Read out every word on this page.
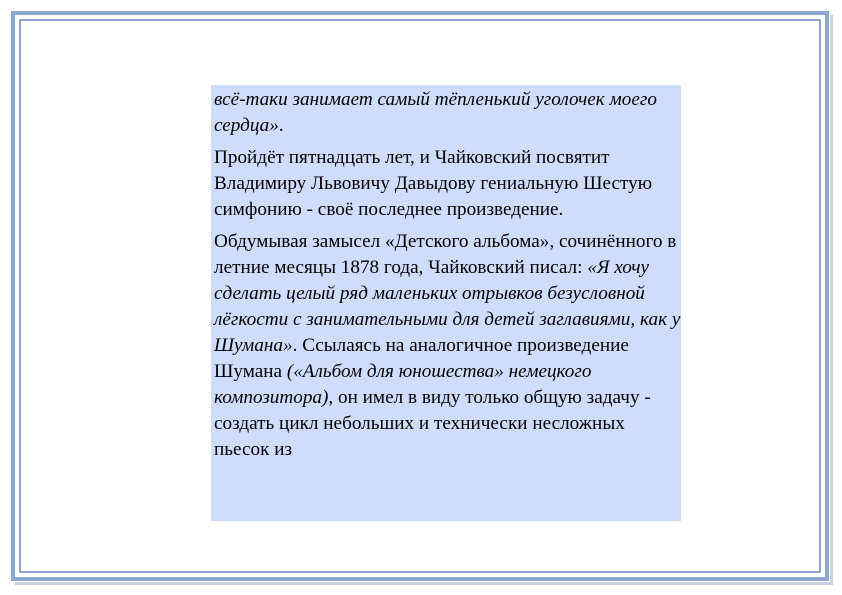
всё-таки занимает самый тёпленький уголочек моего сердца».

Пройдёт пятнадцать лет, и Чайковский посвятит Владимиру Львовичу Давыдову гениальную Шестую симфонию - своё последнее произведение.

Обдумывая замысел «Детского альбома», сочинённого в летние месяцы 1878 года, Чайковский писал: «Я хочу сделать целый ряд маленьких отрывков безусловной лёгкости с занимательными для детей заглавиями, как у Шумана». Ссылаясь на аналогичное произведение Шумана («Альбом для юношества» немецкого композитора), он имел в виду только общую задачу - создать цикл небольших и технически несложных пьесок из
